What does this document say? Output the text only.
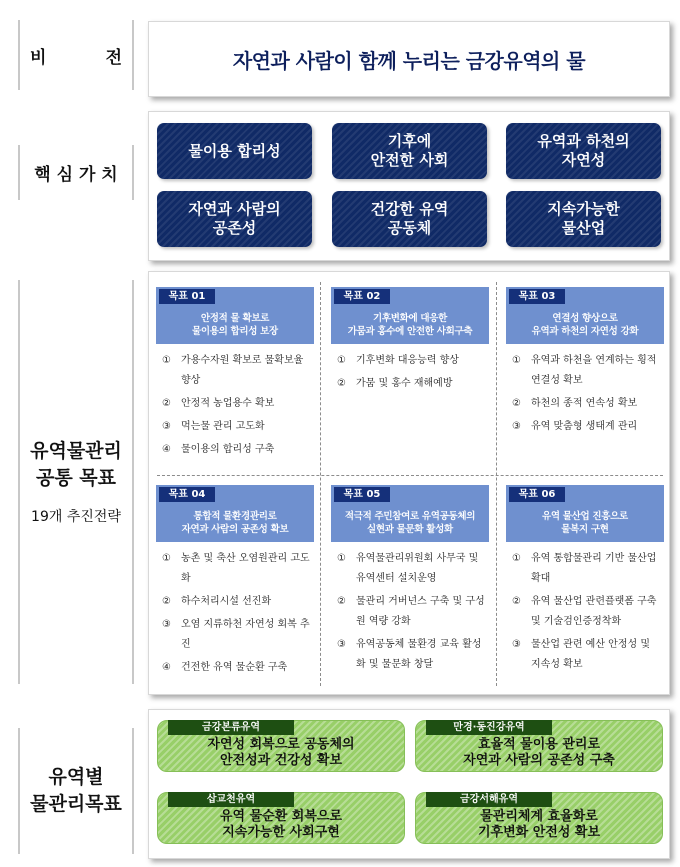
비          전
핵 심 가 치
유역물관리
공통 목표
19개 추진전략
유역별
물관리목표
자연과 사람이 함께 누리는 금강유역의 물
물이용 합리성
기후에
안전한 사회
유역과 하천의
자연성
자연과 사람의
공존성
건강한 유역
공동체
지속가능한
물산업
목표 01
안정적 물 확보로
물이용의 합리성 보장
① 가용수자원 확보로 물확보율 향상
② 안정적 농업용수 확보
③ 먹는물 관리 고도화
④ 물이용의 합리성 구축
목표 02
기후변화에 대응한
가뭄과 홍수에 안전한 사회구축
① 기후변화 대응능력 향상
② 가뭄 및 홍수 재해예방
목표 03
연결성 향상으로
유역과 하천의 자연성 강화
① 유역과 하천을 연계하는 횡적 연결성 확보
② 하천의 종적 연속성 확보
③ 유역 맞춤형 생태계 관리
목표 04
통합적 물환경관리로
자연과 사람의 공존성 확보
① 농촌 및 축산 오염원관리 고도화
② 하수처리시설 선진화
③ 오염 지류하천 자연성 회복 추진
④ 건전한 유역 물순환 구축
목표 05
적극적 주민참여로 유역공동체의
실현과 물문화 활성화
① 유역물관리위원회 사무국 및 유역센터 설치운영
② 물관리 거버넌스 구축 및 구성원 역량 강화
③ 유역공동체 물환경 교육 활성화 및 물문화 창달
목표 06
유역 물산업 진흥으로
물복지 구현
① 유역 통합물관리 기반 물산업 확대
② 유역 물산업 관련플랫폼 구축 및 기술검인증정착화
③ 물산업 관련 예산 안정성 및 지속성 확보
금강본류유역
자연성 회복으로 공동체의
안전성과 건강성 확보
만경∙동진강유역
효율적 물이용 관리로
자연과 사람의 공존성 구축
삽교천유역
유역 물순환 회복으로
지속가능한 사회구현
금강서해유역
물관리체계 효율화로
기후변화 안전성 확보
